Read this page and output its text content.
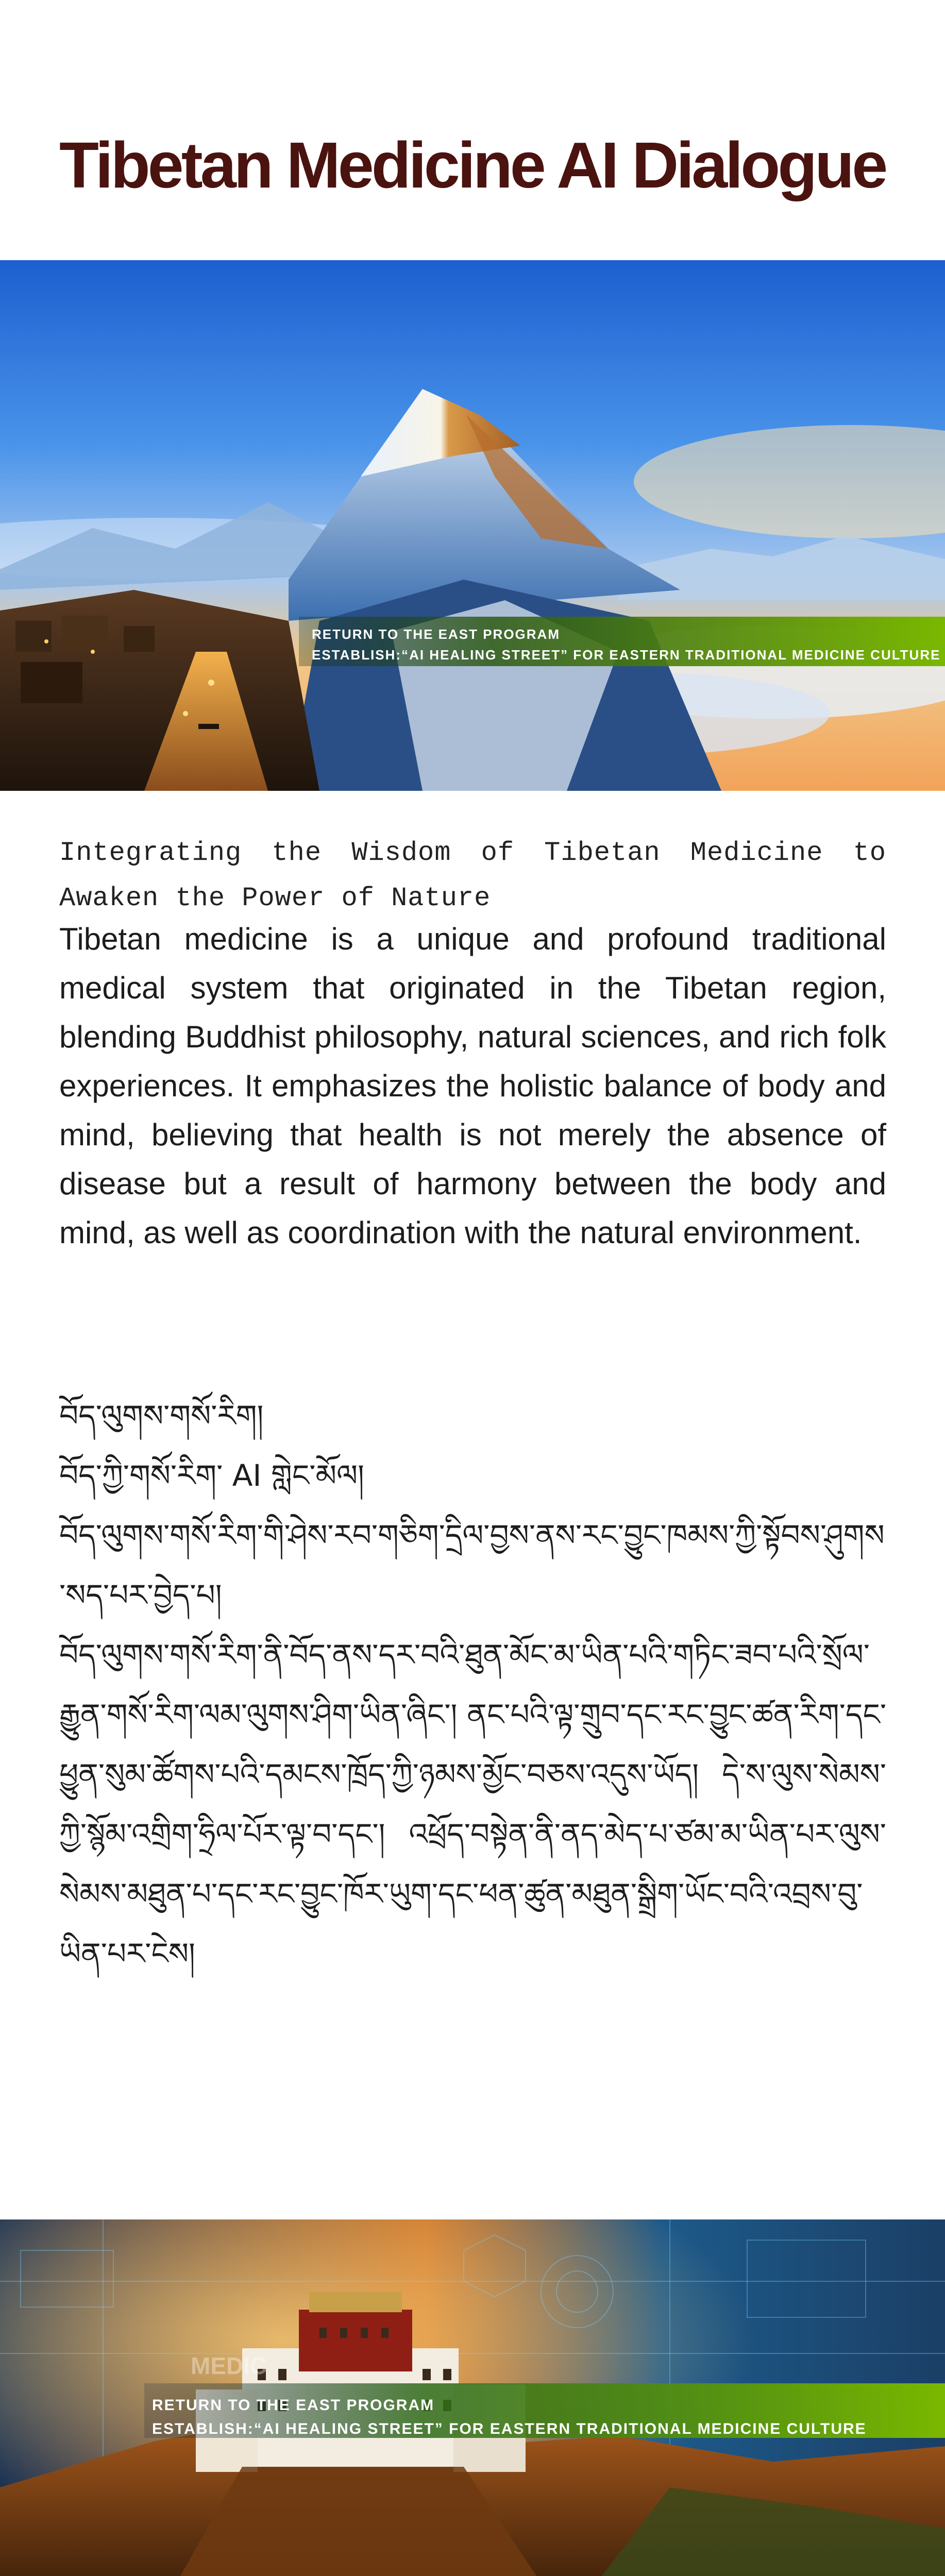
Tibetan Medicine AI Dialogue
RETURN TO THE EAST PROGRAM
ESTABLISH:“AI HEALING STREET” FOR EASTERN TRADITIONAL MEDICINE CULTURE

Integrating the Wisdom of Tibetan Medicine to Awaken the Power of Nature

Tibetan medicine is a unique and profound traditional medical system that originated in the Tibetan region, blending Buddhist philosophy, natural sciences, and rich folk experiences. It emphasizes the holistic balance of body and mind, believing that health is not merely the absence of disease but a result of harmony between the body and mind, as well as coordination with the natural environment.

བོད་ལུགས་གསོ་རིག།

བོད་ཀྱི་གསོ་རིག་ AI གླེང་མོལ།

བོད་ལུགས་གསོ་རིག་གི་ཤེས་རབ་གཅིག་དྲིལ་བྱས་ནས་རང་བྱུང་ཁམས་ཀྱི་སྟོབས་ཤུགས་སད་པར་བྱེད་པ།

བོད་ལུགས་གསོ་རིག་ནི་བོད་ནས་དར་བའི་ཐུན་མོང་མ་ཡིན་པའི་གཏིང་ཟབ་པའི་སྲོལ་རྒྱུན་གསོ་རིག་ལམ་ལུགས་ཤིག་ཡིན་ཞིང་། ནང་པའི་ལྟ་གྲུབ་དང་རང་བྱུང་ཚན་རིག་དང་ཕྱུན་སུམ་ཚོགས་པའི་དམངས་ཁྲོད་ཀྱི་ཉམས་མྱོང་བཅས་འདུས་ཡོད། དེ་ས་ལུས་སེམས་ཀྱི་སྙོམ་འགྲིག་ཧྲིལ་པོར་ལྟ་བ་དང་། འཕྲོད་བསྟེན་ནི་ནད་མེད་པ་ཙམ་མ་ཡིན་པར་ལུས་སེམས་མཐུན་པ་དང་རང་བྱུང་ཁོར་ཡུག་དང་ཕན་ཚུན་མཐུན་སྒྲིག་ཡོང་བའི་འབྲས་བུ་ཡིན་པར་ངེས།

MEDIC
RETURN TO THE EAST PROGRAM
ESTABLISH:“AI HEALING STREET” FOR EASTERN TRADITIONAL MEDICINE CULTURE
